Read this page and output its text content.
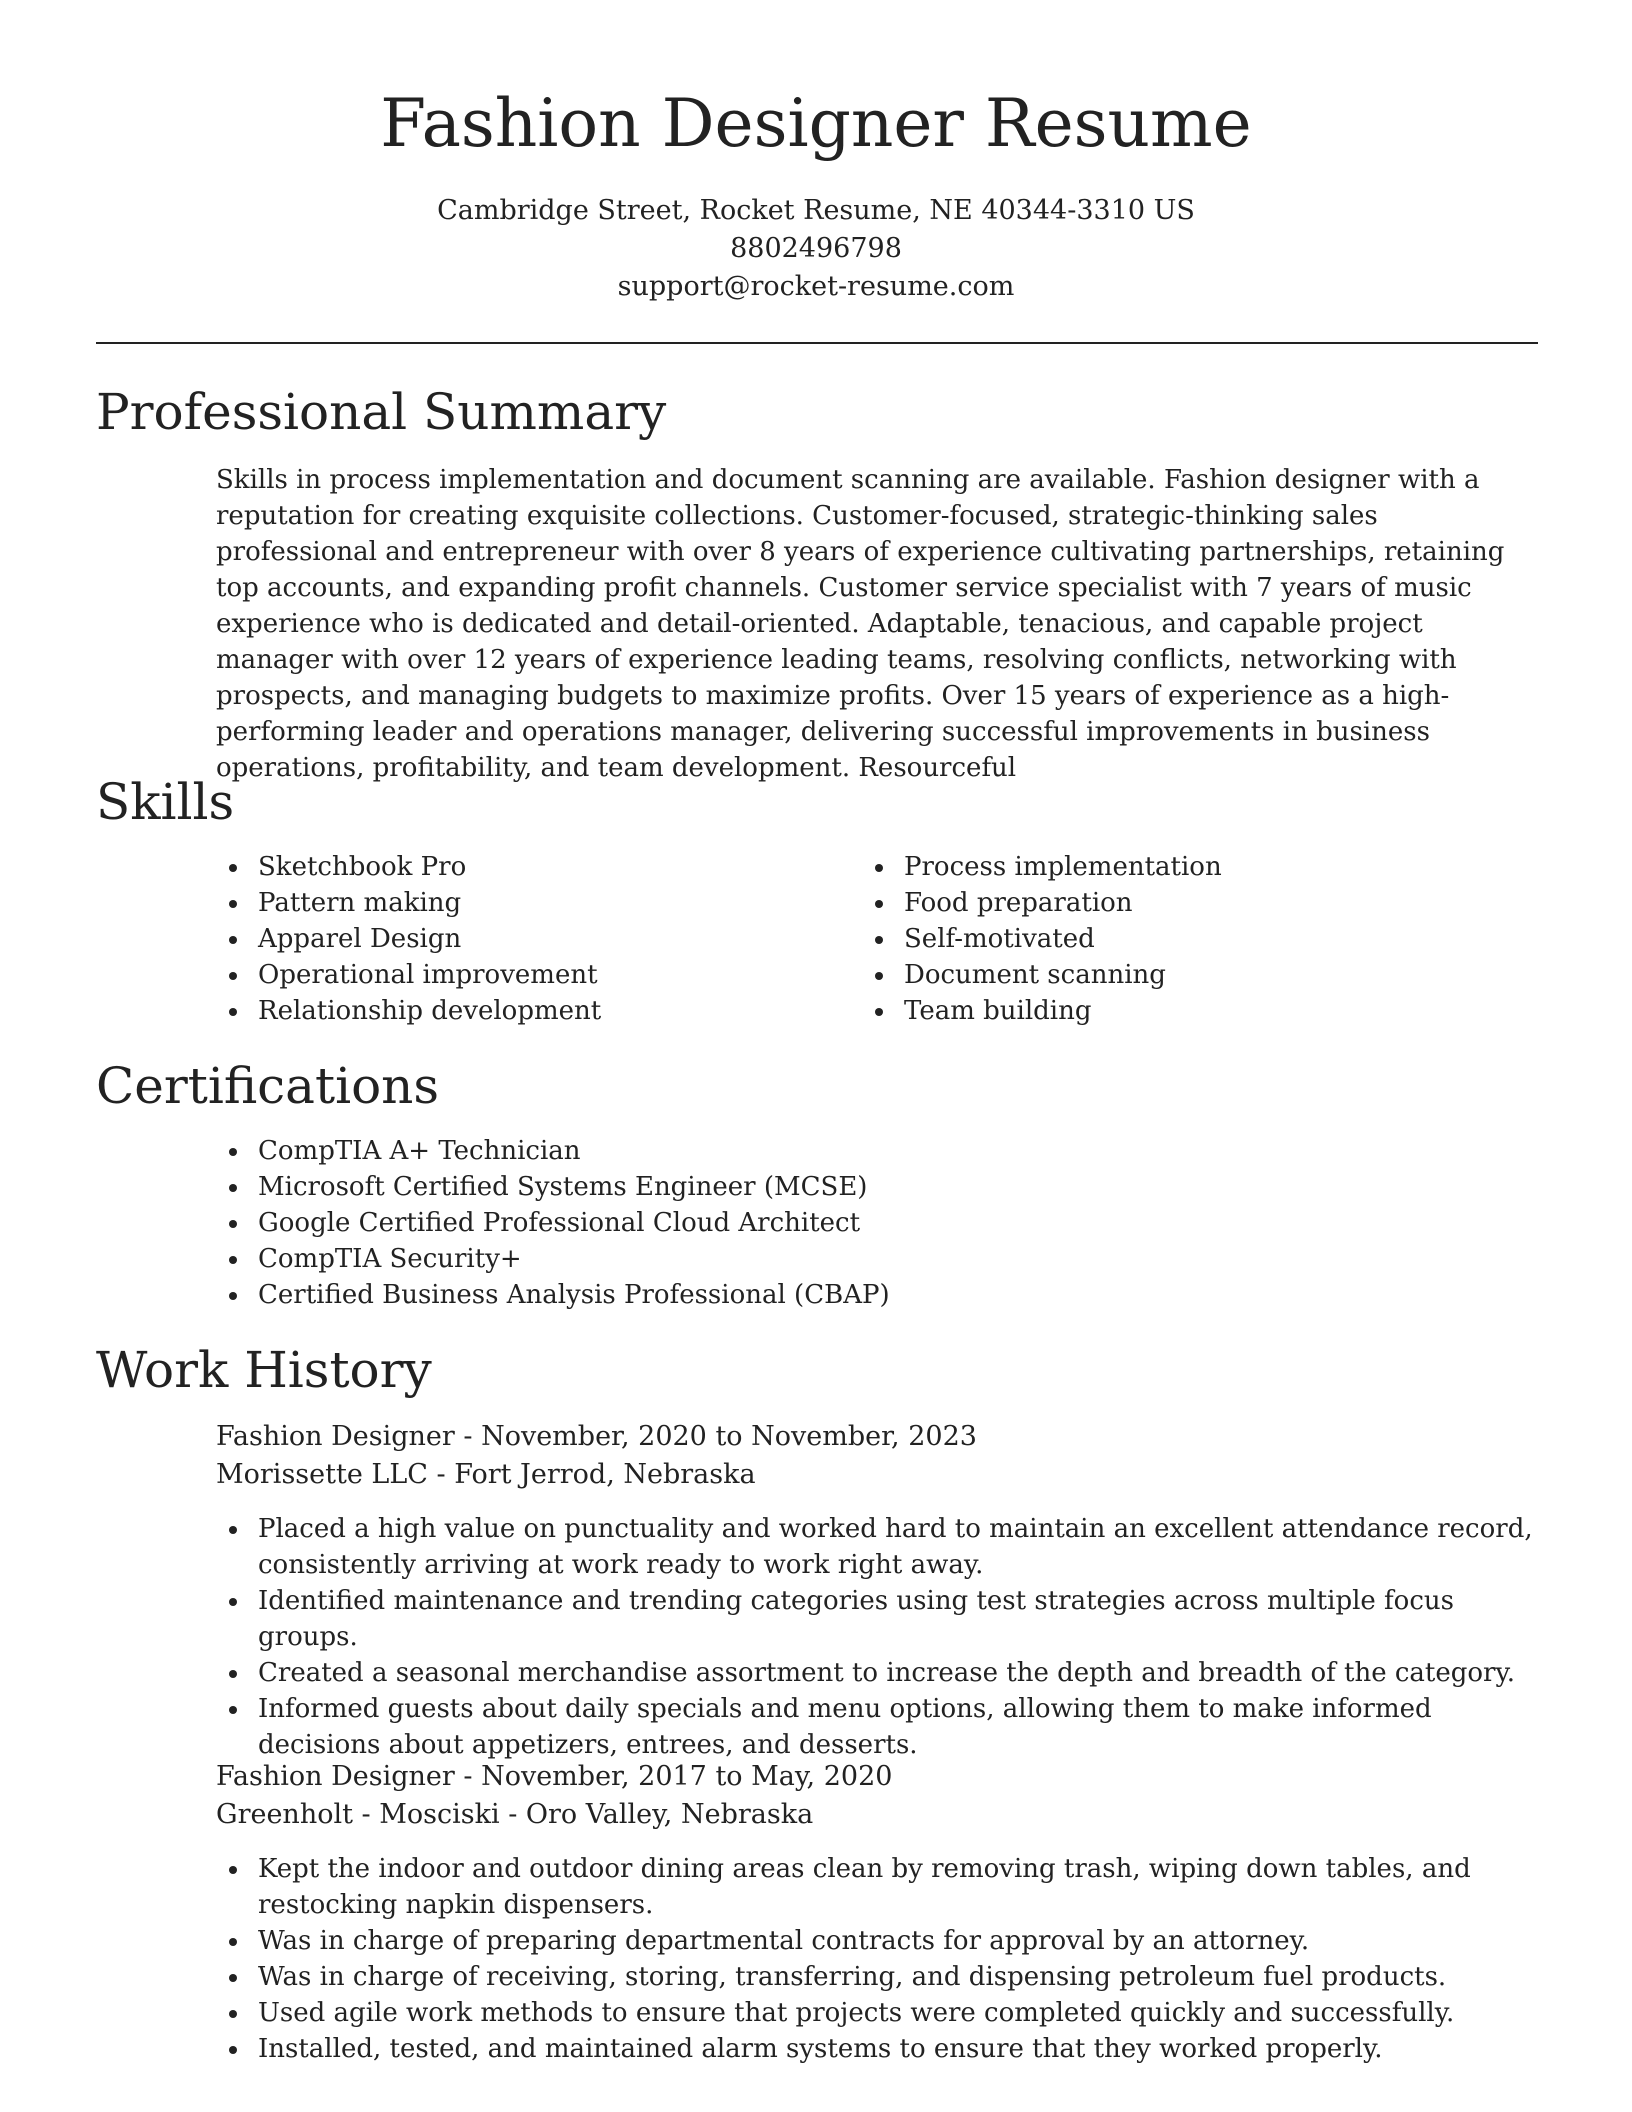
Fashion Designer Resume
Cambridge Street, Rocket Resume, NE 40344-3310 US
8802496798
support@rocket-resume.com
Professional Summary

Skills in process implementation and document scanning are available. Fashion designer with a reputation for creating exquisite collections. Customer-focused, strategic-thinking sales professional and entrepreneur with over 8 years of experience cultivating partnerships, retaining top accounts, and expanding profit channels. Customer service specialist with 7 years of music experience who is dedicated and detail-oriented. Adaptable, tenacious, and capable project manager with over 12 years of experience leading teams, resolving conflicts, networking with prospects, and managing budgets to maximize profits. Over 15 years of experience as a high-performing leader and operations manager, delivering successful improvements in business operations, profitability, and team development. Resourceful

Skills
Sketchbook Pro
Pattern making
Apparel Design
Operational improvement
Relationship development
Process implementation
Food preparation
Self-motivated
Document scanning
Team building
Certifications
CompTIA A+ Technician
Microsoft Certified Systems Engineer (MCSE)
Google Certified Professional Cloud Architect
CompTIA Security+
Certified Business Analysis Professional (CBAP)
Work History
Fashion Designer - November, 2020 to November, 2023
Morissette LLC - Fort Jerrod, Nebraska
Placed a high value on punctuality and worked hard to maintain an excellent attendance record, consistently arriving at work ready to work right away.
Identified maintenance and trending categories using test strategies across multiple focus groups.
Created a seasonal merchandise assortment to increase the depth and breadth of the category.
Informed guests about daily specials and menu options, allowing them to make informed decisions about appetizers, entrees, and desserts.
Fashion Designer - November, 2017 to May, 2020
Greenholt - Mosciski - Oro Valley, Nebraska
Kept the indoor and outdoor dining areas clean by removing trash, wiping down tables, and restocking napkin dispensers.
Was in charge of preparing departmental contracts for approval by an attorney.
Was in charge of receiving, storing, transferring, and dispensing petroleum fuel products.
Used agile work methods to ensure that projects were completed quickly and successfully.
Installed, tested, and maintained alarm systems to ensure that they worked properly.
